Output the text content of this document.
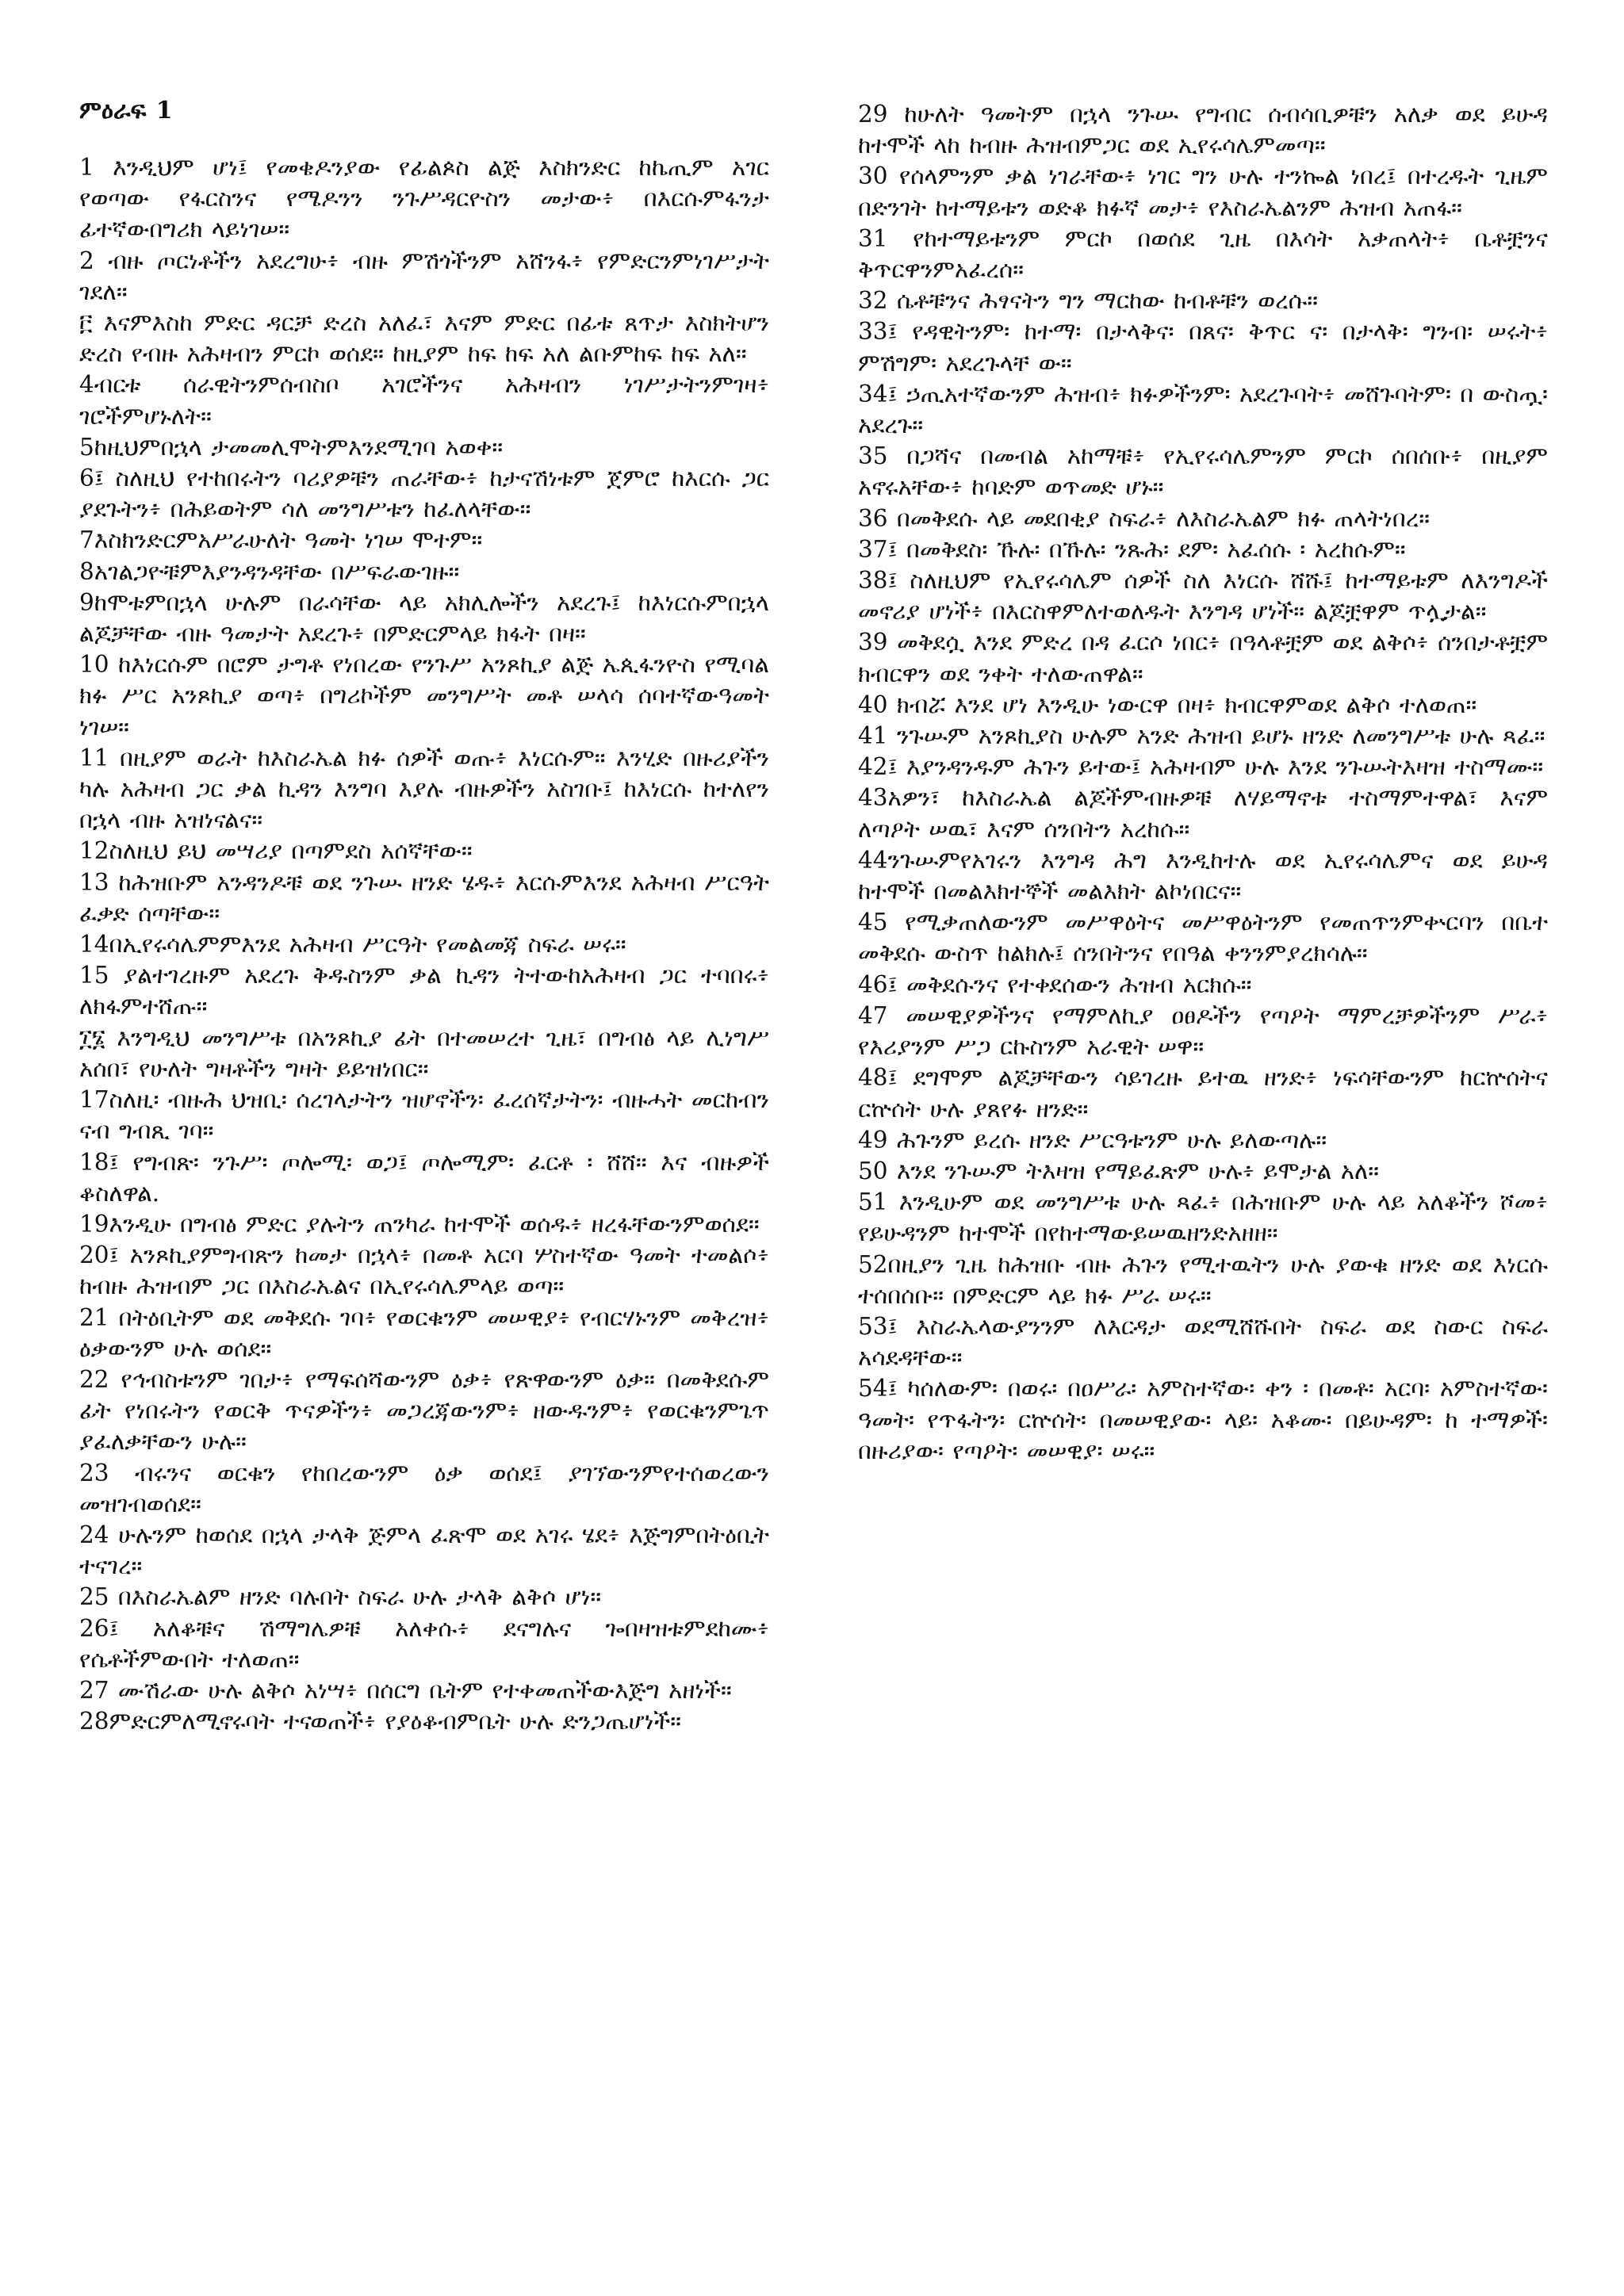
ምዕራፍ 1

1 እንዲህም ሆነ፤ የመቄዶንያው የፊልጶስ ልጅ እስክንድር ከኬጢም አገር የወጣው የፋርስንና የሜዶንን ንጉሥዳርዮስን መታው፥ በእርሱምፋንታ ፊተኛውበግሪክ ላይነገሠ።

2 ብዙ ጦርነቶችን አደረግሁ፥ ብዙ ምሽጎችንም አሸንፋ፥ የምድርንምነገሥታት ገደለ።

፫ እናምእስከ ምድር ዳርቻ ድረስ አለፈ፣ እናም ምድር በፊቱ ጸጥታ እስክትሆን ድረስ የብዙ አሕዛብን ምርኮ ወሰደ። ከዚያም ከፍ ከፍ አለ ልቡምከፍ ከፍ አለ።

4ብርቱ ሰራዊትንምሰብስቦ አገሮችንና አሕዛብን ነገሥታትንምገዛ፥ ገሮችምሆኑለት።

5ከዚህምበኋላ ታመመሊሞትምእንደሚገባ አወቀ።

6፤ ስለዚህ የተከበሩትን ባሪያዎቹን ጠራቸው፥ ከታናሽነቱም ጀምሮ ከእርሱ ጋር ያደጉትን፥ በሕይወትም ሳለ መንግሥቱን ከፈለላቸው።

7እስክንድርምአሥራሁለት ዓመት ነገሠ ሞተም።

8አገልጋዮቹምእያንዳንዳቸው በሥፍራውገዙ።

9ከሞቱምበኋላ ሁሉም በራሳቸው ላይ አክሊሎችን አደረጉ፤ ከእነርሱምበኋላ ልጆቻቸው ብዙ ዓመታት አደረጉ፥ በምድርምላይ ክፋት በዛ።

10 ከእነርሱም በሮም ታግቶ የነበረው የንጉሥ አንጾኪያ ልጅ ኤጲፋንዮስ የሚባል ክፉ ሥር አንጾኪያ ወጣ፥ በግሪኮችም መንግሥት መቶ ሠላሳ ሰባተኛውዓመት ነገሠ።

11 በዚያም ወራት ከእስራኤል ክፉ ሰዎች ወጡ፥ እነርሱም። እንሂድ በዙሪያችን ካሉ አሕዛብ ጋር ቃል ኪዳን እንግባ እያሉ ብዙዎችን አስገቡ፤ ከእነርሱ ከተለየን በኋላ ብዙ አዝነናልና።

12ስለዚህ ይህ መሣሪያ በጣምደስ አሰኛቸው።

13 ከሕዝቡም አንዳንዶቹ ወደ ንጉሡ ዘንድ ሄዱ፥ እርሱምእንደ አሕዛብ ሥርዓት ፈቃድ ሰጣቸው።

14በኢየሩሳሌምምእንደ አሕዛብ ሥርዓት የመልመጃ ስፍራ ሠሩ።

15 ያልተገረዙም አደረጉ ቅዱስንም ቃል ኪዳን ትተውከአሕዛብ ጋር ተባበሩ፥ ለክፋምተሸጡ።

፲፮ እንግዲህ መንግሥቱ በአንጾኪያ ፊት በተመሠረተ ጊዜ፣ በግብፅ ላይ ሊነግሥ አሰበ፣ የሁለት ግዛቶችን ግዛት ይይዝነበር።

17ስለዚ፡ ብዙሕ ህዝቢ፡ ሰረገላታትን ዝሆኖችን፡ ፈረሰኛታትን፡ ብዙሓት መርከብን ናብ ግብጺ ገባ።

18፤ የግብጽ፡ ንጉሥ፡ ጦሎሚ፡ ወጋ፤ ጦሎሚም፡ ፈርቶ ፡ ሸሸ። እና ብዙዎች ቆስለዋል.

19እንዲሁ በግብፅ ምድር ያሉትን ጠንካራ ከተሞች ወሰዱ፥ ዘረፋቸውንምወሰደ።

20፤ አንጾኪያምግብጽን ከመታ በኋላ፥ በመቶ አርባ ሦስተኛው ዓመት ተመልሶ፥ ከብዙ ሕዝብም ጋር በእስራኤልና በኢየሩሳሌምላይ ወጣ።

21 በትዕቢትም ወደ መቅደሱ ገባ፥ የወርቁንም መሠዊያ፥ የብርሃኑንም መቅረዝ፥ ዕቃውንም ሁሉ ወሰደ።

22 የኅብስቱንም ገበታ፥ የማፍሰሻውንም ዕቃ፥ የጽዋውንም ዕቃ። በመቅደሱም ፊት የነበሩትን የወርቅ ጥናዎችን፥ መጋረጃውንም፥ ዘውዱንም፥ የወርቁንምጌጥ ያፈለቃቸውን ሁሉ።

23 ብሩንና ወርቁን የከበረውንም ዕቃ ወሰደ፤ ያገኘውንምየተሰወረውን መዝገብወሰደ።

24 ሁሉንም ከወሰደ በኋላ ታላቅ ጅምላ ፈጽሞ ወደ አገሩ ሄደ፥ እጅግምበትዕቢት ተናገረ።

25 በእስራኤልም ዘንድ ባሉበት ስፍራ ሁሉ ታላቅ ልቅሶ ሆነ።

26፤ አለቆቹና ሽማግሌዎቹ አለቀሱ፥ ደናግሉና ጐበዛዝቱምደከሙ፥ የሴቶችምውበት ተለወጠ።

27 ሙሽራው ሁሉ ልቅሶ አነሣ፥ በሰርግ ቤትም የተቀመጠችውእጅግ አዘነች።

28ምድርምለሚኖሩባት ተናወጠች፥ የያዕቆብምቤት ሁሉ ድንጋጤሆነች።

29 ከሁለት ዓመትም በኋላ ንጉሡ የግብር ሰብሳቢዎቹን አለቃ ወደ ይሁዳ ከተሞች ላከ ከብዙ ሕዝብምጋር ወደ ኢየሩሳሌምመጣ።

30 የሰላምንም ቃል ነገራቸው፥ ነገር ግን ሁሉ ተንኰል ነበረ፤ በተረዱት ጊዜም በድንገት ከተማይቱን ወድቆ ክፉኛ መታ፥ የእስራኤልንም ሕዝብ አጠፋ።

31 የከተማይቱንም ምርኮ በወሰደ ጊዜ በእሳት አቃጠላት፥ ቤቶቿንና ቅጥርዋንምአፈረሰ።

32 ሴቶቹንና ሕፃናትን ግን ማርከው ከብቶቹን ወረሱ።

33፤ የዳዊትንም፡ ከተማ፡ በታላቅና፡ በጸና፡ ቅጥር ና፡ በታላቅ፡ ግንብ፡ ሠሩት፥ ምሽግም፡ አደረጉላቸ ው።

34፤ ኃጢአተኛውንም ሕዝብ፥ ክፉዎችንም፡ አደረጉባት፥ መሸጉባትም፡ በ ውስጧ፡ አደረጉ።

35 በጋሻና በመብል አከማቹ፥ የኢየሩሳሌምንም ምርኮ ሰበሰቡ፥ በዚያም አኖሩአቸው፥ ከባድም ወጥመድ ሆኑ።

36 በመቅደሱ ላይ መደበቂያ ስፍራ፥ ለእስራኤልም ክፉ ጠላትነበረ።

37፤ በመቅደስ፡ ኹሉ፡ በኹሉ፡ ንጹሕ፡ ደም፡ አፈሰሱ ፡ አረከሱም።

38፤ ስለዚህም የኢየሩሳሌም ሰዎች ስለ እነርሱ ሸሹ፤ ከተማይቱም ለእንግዶች መኖሪያ ሆነች፥ በእርስዋምለተወለዱት እንግዳ ሆነች። ልጆቿዋም ጥሏታል።

39 መቅደሷ እንደ ምድረ በዳ ፈርሶ ነበር፥ በዓላቶቿም ወደ ልቅሶ፥ ሰንበታቶቿም ክብርዋን ወደ ንቀት ተለውጠዋል።

40 ክብሯ እንደ ሆነ እንዲሁ ነውርዋ በዛ፥ ክብርዋምወደ ልቅሶ ተለወጠ።

41 ንጉሡም አንጾኪያስ ሁሉም አንድ ሕዝብ ይሆኑ ዘንድ ለመንግሥቱ ሁሉ ጻፈ።

42፤ እያንዳንዱም ሕጉን ይተው፤ አሕዛብም ሁሉ እንደ ንጉሡትእዛዝ ተስማሙ።

43አዎን፣ ከእስራኤል ልጆችምብዙዎቹ ለሃይማኖቱ ተስማምተዋል፣ እናም ለጣዖት ሠዉ፣ እናም ሰንበትን አረከሱ።

44ንጉሡምየአገሩን እንግዳ ሕግ እንዲከተሉ ወደ ኢየሩሳሌምና ወደ ይሁዳ ከተሞች በመልእክተኞች መልእክት ልኮነበርና።

45 የሚቃጠለውንም መሥዋዕትና መሥዋዕትንም የመጠጥንምቍርባን በቤተ መቅደሱ ውስጥ ከልክሉ፤ ሰንበትንና የበዓል ቀንንምያረክሳሉ።

46፤ መቅደሱንና የተቀደሰውን ሕዝብ አርክሱ።

47 መሠዊያዎችንና የማምለኪያ ዐፀዶችን የጣዖት ማምረቻዎችንም ሥራ፥ የእሪያንም ሥጋ ርኩስንም አራዊት ሠዋ።

48፤ ደግሞም ልጆቻቸውን ሳይገረዙ ይተዉ ዘንድ፥ ነፍሳቸውንም ከርኵሰትና ርኵሰት ሁሉ ያጸየፉ ዘንድ።

49 ሕጉንም ይረሱ ዘንድ ሥርዓቱንም ሁሉ ይለውጣሉ።

50 እንደ ንጉሡም ትእዛዝ የማይፈጽም ሁሉ፥ ይሞታል አለ።

51 እንዲሁም ወደ መንግሥቱ ሁሉ ጻፈ፥ በሕዝቡም ሁሉ ላይ አለቆችን ሾመ፥ የይሁዳንም ከተሞች በየከተማውይሠዉዘንድአዘዘ።

52በዚያን ጊዜ ከሕዝቡ ብዙ ሕጉን የሚተዉትን ሁሉ ያውቁ ዘንድ ወደ እነርሱ ተሰበሰቡ። በምድርም ላይ ክፉ ሥራ ሠሩ።

53፤ እስራኤላውያንንም ለእርዳታ ወደሚሸሹበት ስፍራ ወደ ስውር ስፍራ አሳደዳቸው።

54፤ ካሰለውም፡ በወሩ፡ በዐሥራ፡ አምስተኛው፡ ቀን ፡ በመቶ፡ አርባ፡ አምስተኛው፡ ዓመት፡ የጥፋትን፡ ርኵሰት፡ በመሠዊያው፡ ላይ፡ አቆሙ፡ በይሁዳም፡ ከ ተማዎች፡ በዙሪያው፡ የጣዖት፡ መሠዊያ፡ ሠሩ።
